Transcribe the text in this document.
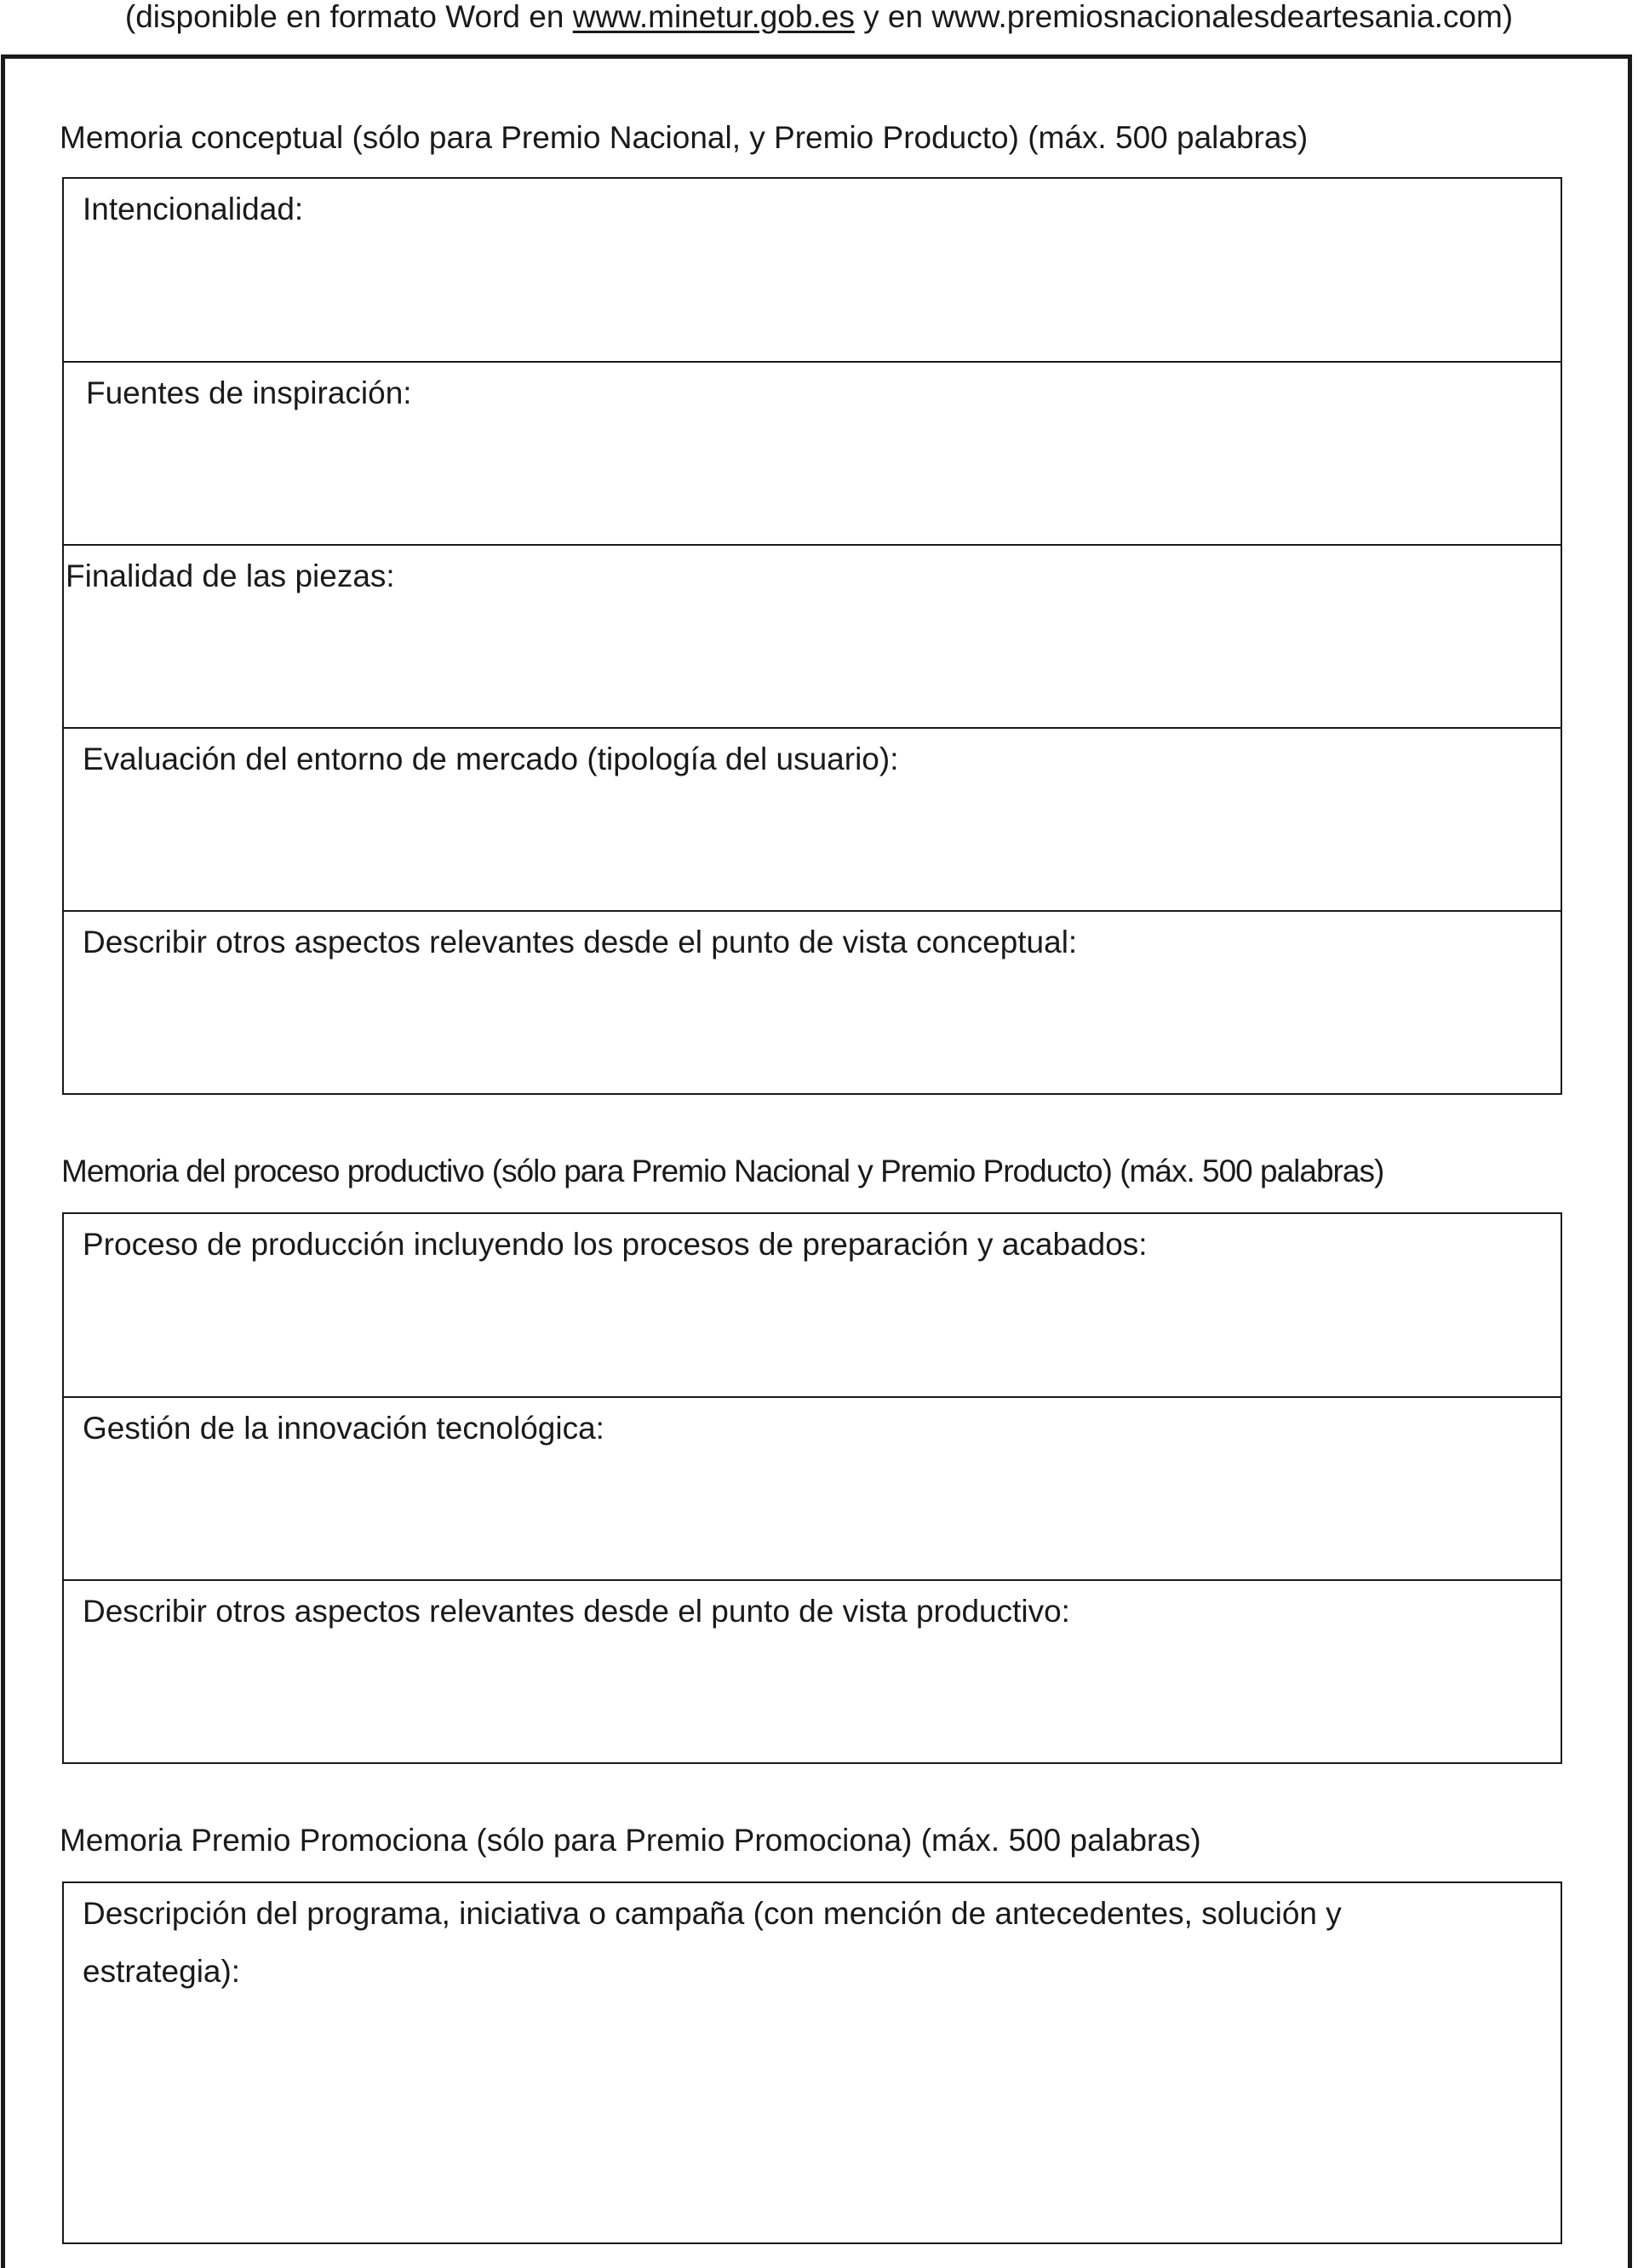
(disponible en formato Word en www.minetur.gob.es y en www.premiosnacionalesdeartesania.com)
Memoria conceptual (sólo para Premio Nacional, y Premio Producto) (máx. 500 palabras)
Intencionalidad:
Fuentes de inspiración:
Finalidad de las piezas:
Evaluación del entorno de mercado (tipología del usuario):
Describir otros aspectos relevantes desde el punto de vista conceptual:
Memoria del proceso productivo (sólo para Premio Nacional y Premio Producto) (máx. 500 palabras)
Proceso de producción incluyendo los procesos de preparación y acabados:
Gestión de la innovación tecnológica:
Describir otros aspectos relevantes desde el punto de vista productivo:
Memoria Premio Promociona (sólo para Premio Promociona) (máx. 500 palabras)
Descripción del programa, iniciativa o campaña (con mención de antecedentes, solución y estrategia):
